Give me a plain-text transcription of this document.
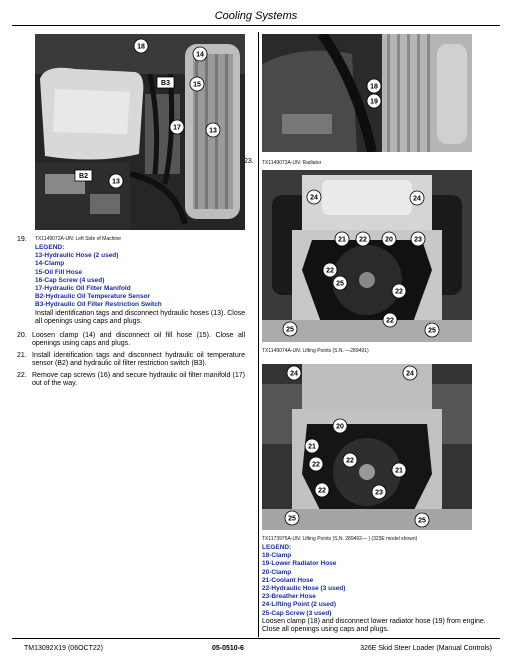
Cooling Systems
18
14
15
17	13
13
B3
B2
TX1149072A-UN: Left Side of Machine
19.
LEGEND:
13-Hydraulic Hose (2 used)
14-Clamp
15-Oil Fill Hose
16-Cap Screw (4 used)
17-Hydraulic Oil Filter Manifold
B2-Hydraulic Oil Temperature Sensor
B3-Hydraulic Oil Filter Restriction Switch
Install identification tags and disconnect hydraulic hoses (13). Close all openings using caps and plugs.
20. Loosen clamp (14) and disconnect oil fill hose (15). Close all openings using caps and plugs.
21. Install identification tags and disconnect hydraulic oil temperature sensor (B2) and hydraulic oil filter restriction switch (B3).
22. Remove cap screws (16) and secure hydraulic oil filter manifold (17) out of the way.
18
19
23. TX1149073A-UN: Radiator
24	24
21 22	20	23
22
25
22
22
25	25
TX1149074A-UN: Lifting Points (S.N. —289491)
24	24
20
21
22
22
21
22	23
25	25
TX1173975A-UN: Lifting Points (S.N. 289492— ) (323E model shown)
LEGEND:
18-Clamp
19-Lower Radiator Hose
20-Clamp
21-Coolant Hose
22-Hydraulic Hose (3 used)
23-Breather Hose
24-Lifting Point (2 used)
25-Cap Screw (3 used)
Loosen clamp (18) and disconnect lower radiator hose (19) from engine. Close all openings using caps and plugs.
TM13092X19 (06OCT22)	05-0510-6	326E Skid Steer Loader (Manual Controls)
